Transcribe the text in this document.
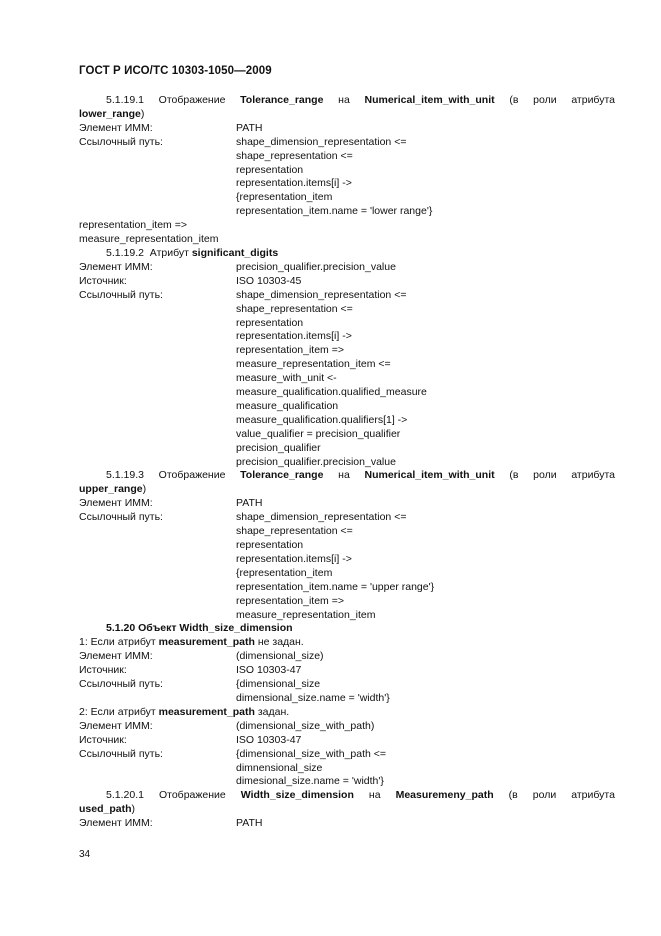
ГОСТ Р ИСО/ТС 10303-1050—2009
5.1.19.1 Отображение Tolerance_range на Numerical_item_with_unit (в роли атрибута
lower_range)
Элемент ИММ:	PATH
Ссылочный путь:	shape_dimension_representation <=
shape_representation <=
representation
representation.items[i] ->
{representation_item
representation_item.name = 'lower range'}
representation_item =>
measure_representation_item
5.1.19.2 Атрибут significant_digits
Элемент ИММ:	precision_qualifier.precision_value
Источник:	ISO 10303-45
Ссылочный путь:	shape_dimension_representation <=
shape_representation <=
representation
representation.items[i] ->
representation_item =>
measure_representation_item <=
measure_with_unit <-
measure_qualification.qualified_measure
measure_qualification
measure_qualification.qualifiers[1] ->
value_qualifier = precision_qualifier
precision_qualifier
precision_qualifier.precision_value
5.1.19.3 Отображение Tolerance_range на Numerical_item_with_unit (в роли атрибута
upper_range)
Элемент ИММ:	PATH
Ссылочный путь:	shape_dimension_representation <=
shape_representation <=
representation
representation.items[i] ->
{representation_item
representation_item.name = 'upper range'}
representation_item =>
measure_representation_item
5.1.20 Объект Width_size_dimension
1: Если атрибут measurement_path не задан.
Элемент ИММ:	(dimensional_size)
Источник:	ISO 10303-47
Ссылочный путь:	{dimensional_size
dimensional_size.name = 'width'}
2: Если атрибут measurement_path задан.
Элемент ИММ:	(dimensional_size_with_path)
Источник:	ISO 10303-47
Ссылочный путь:	{dimensional_size_with_path <=
dimnensional_size
dimesional_size.name = 'width'}
5.1.20.1 Отображение Width_size_dimension на Measuremeny_path (в роли атрибута
used_path)
Элемент ИММ:	PATH
34
